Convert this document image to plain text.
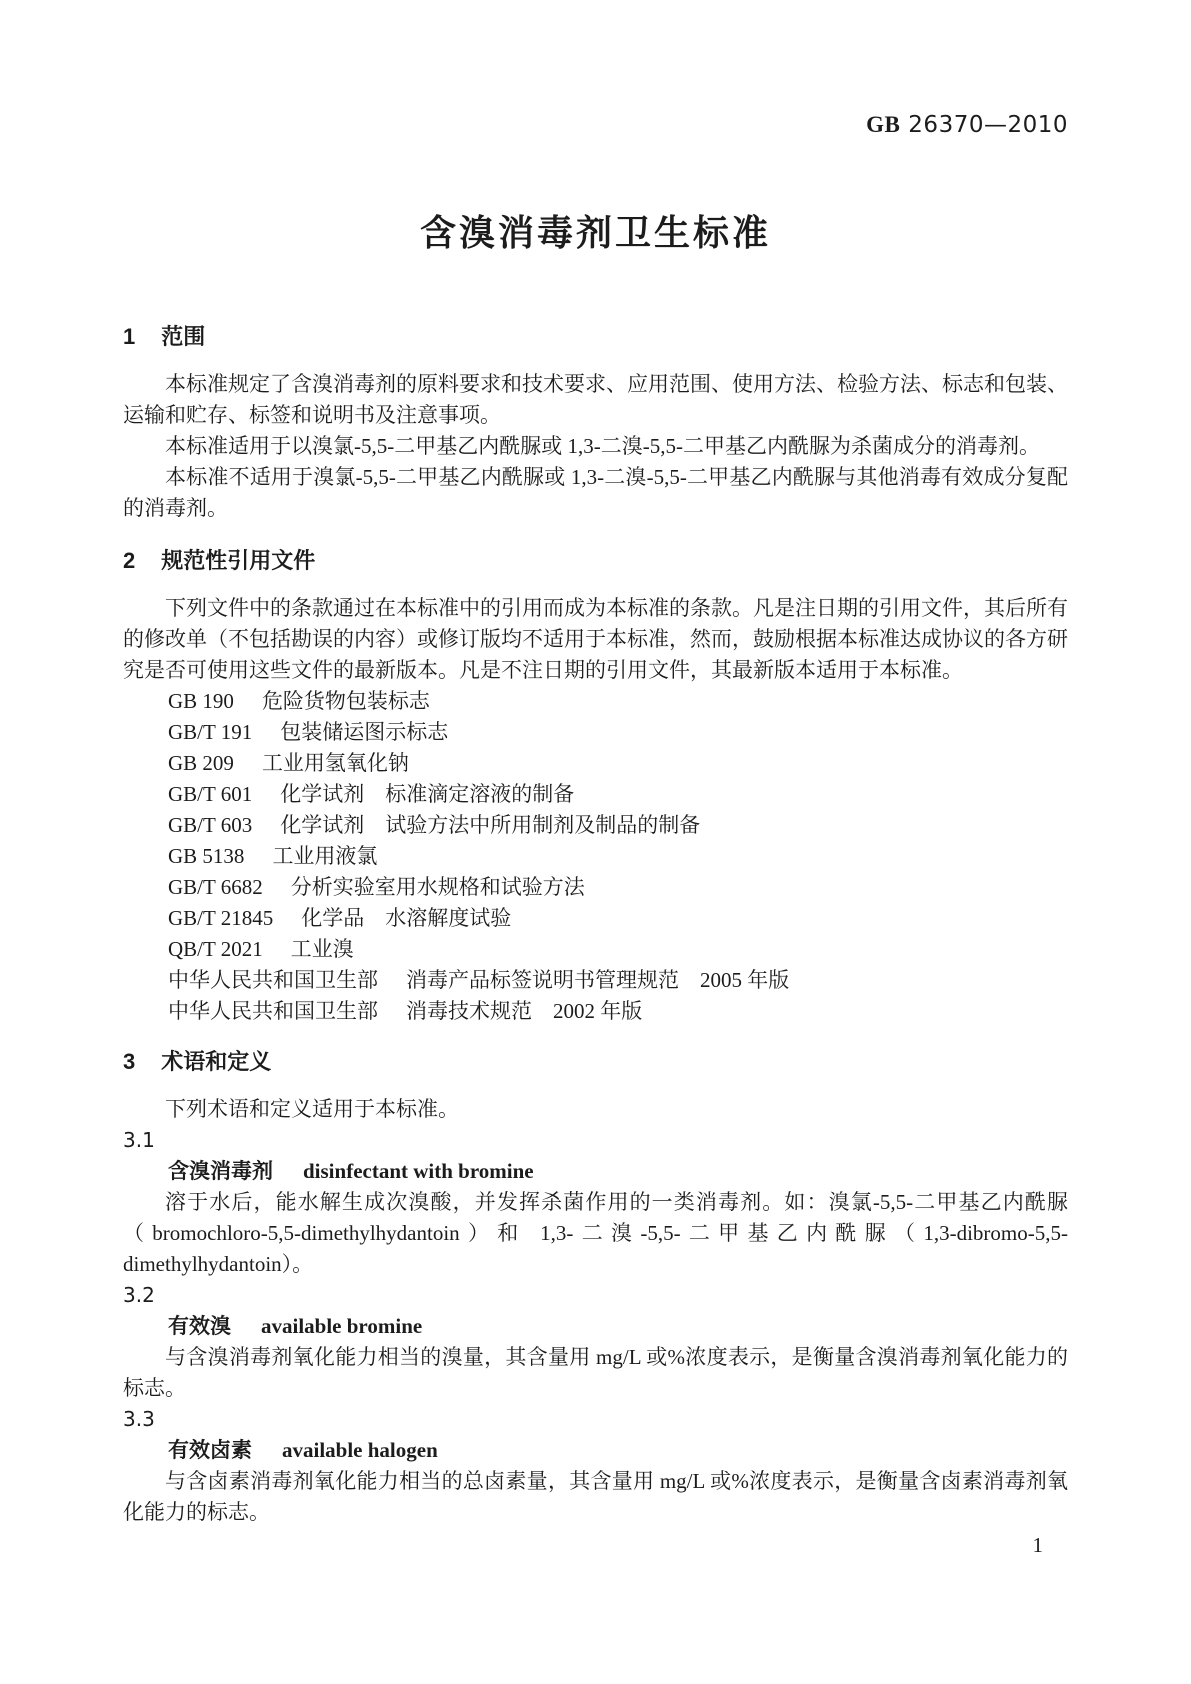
GB 26370—2010
含溴消毒剂卫生标准
1 范围

本标准规定了含溴消毒剂的原料要求和技术要求、应用范围、使用方法、检验方法、标志和包装、运输和贮存、标签和说明书及注意事项。

本标准适用于以溴氯-5,5-二甲基乙内酰脲或 1,3-二溴-5,5-二甲基乙内酰脲为杀菌成分的消毒剂。

本标准不适用于溴氯-5,5-二甲基乙内酰脲或 1,3-二溴-5,5-二甲基乙内酰脲与其他消毒有效成分复配的消毒剂。

2 规范性引用文件

下列文件中的条款通过在本标准中的引用而成为本标准的条款。凡是注日期的引用文件，其后所有的修改单（不包括勘误的内容）或修订版均不适用于本标准，然而，鼓励根据本标准达成协议的各方研究是否可使用这些文件的最新版本。凡是不注日期的引用文件，其最新版本适用于本标准。

GB 190 危险货物包装标志
GB/T 191 包装储运图示标志
GB 209 工业用氢氧化钠
GB/T 601 化学试剂　标准滴定溶液的制备
GB/T 603 化学试剂　试验方法中所用制剂及制品的制备
GB 5138 工业用液氯
GB/T 6682 分析实验室用水规格和试验方法
GB/T 21845 化学品　水溶解度试验
QB/T 2021 工业溴
中华人民共和国卫生部 消毒产品标签说明书管理规范　2005 年版
中华人民共和国卫生部 消毒技术规范　2002 年版
3 术语和定义

下列术语和定义适用于本标准。

3.1
含溴消毒剂 disinfectant with bromine

溶于水后，能水解生成次溴酸，并发挥杀菌作用的一类消毒剂。如：溴氯-5,5-二甲基乙内酰脲（bromochloro-5,5-dimethylhydantoin）和 1,3-二溴-5,5-二甲基乙内酰脲（1,3-dibromo-5,5-dimethylhydantoin）。

3.2
有效溴 available bromine

与含溴消毒剂氧化能力相当的溴量，其含量用 mg/L 或%浓度表示，是衡量含溴消毒剂氧化能力的标志。

3.3
有效卤素 available halogen

与含卤素消毒剂氧化能力相当的总卤素量，其含量用 mg/L 或%浓度表示，是衡量含卤素消毒剂氧化能力的标志。

1
